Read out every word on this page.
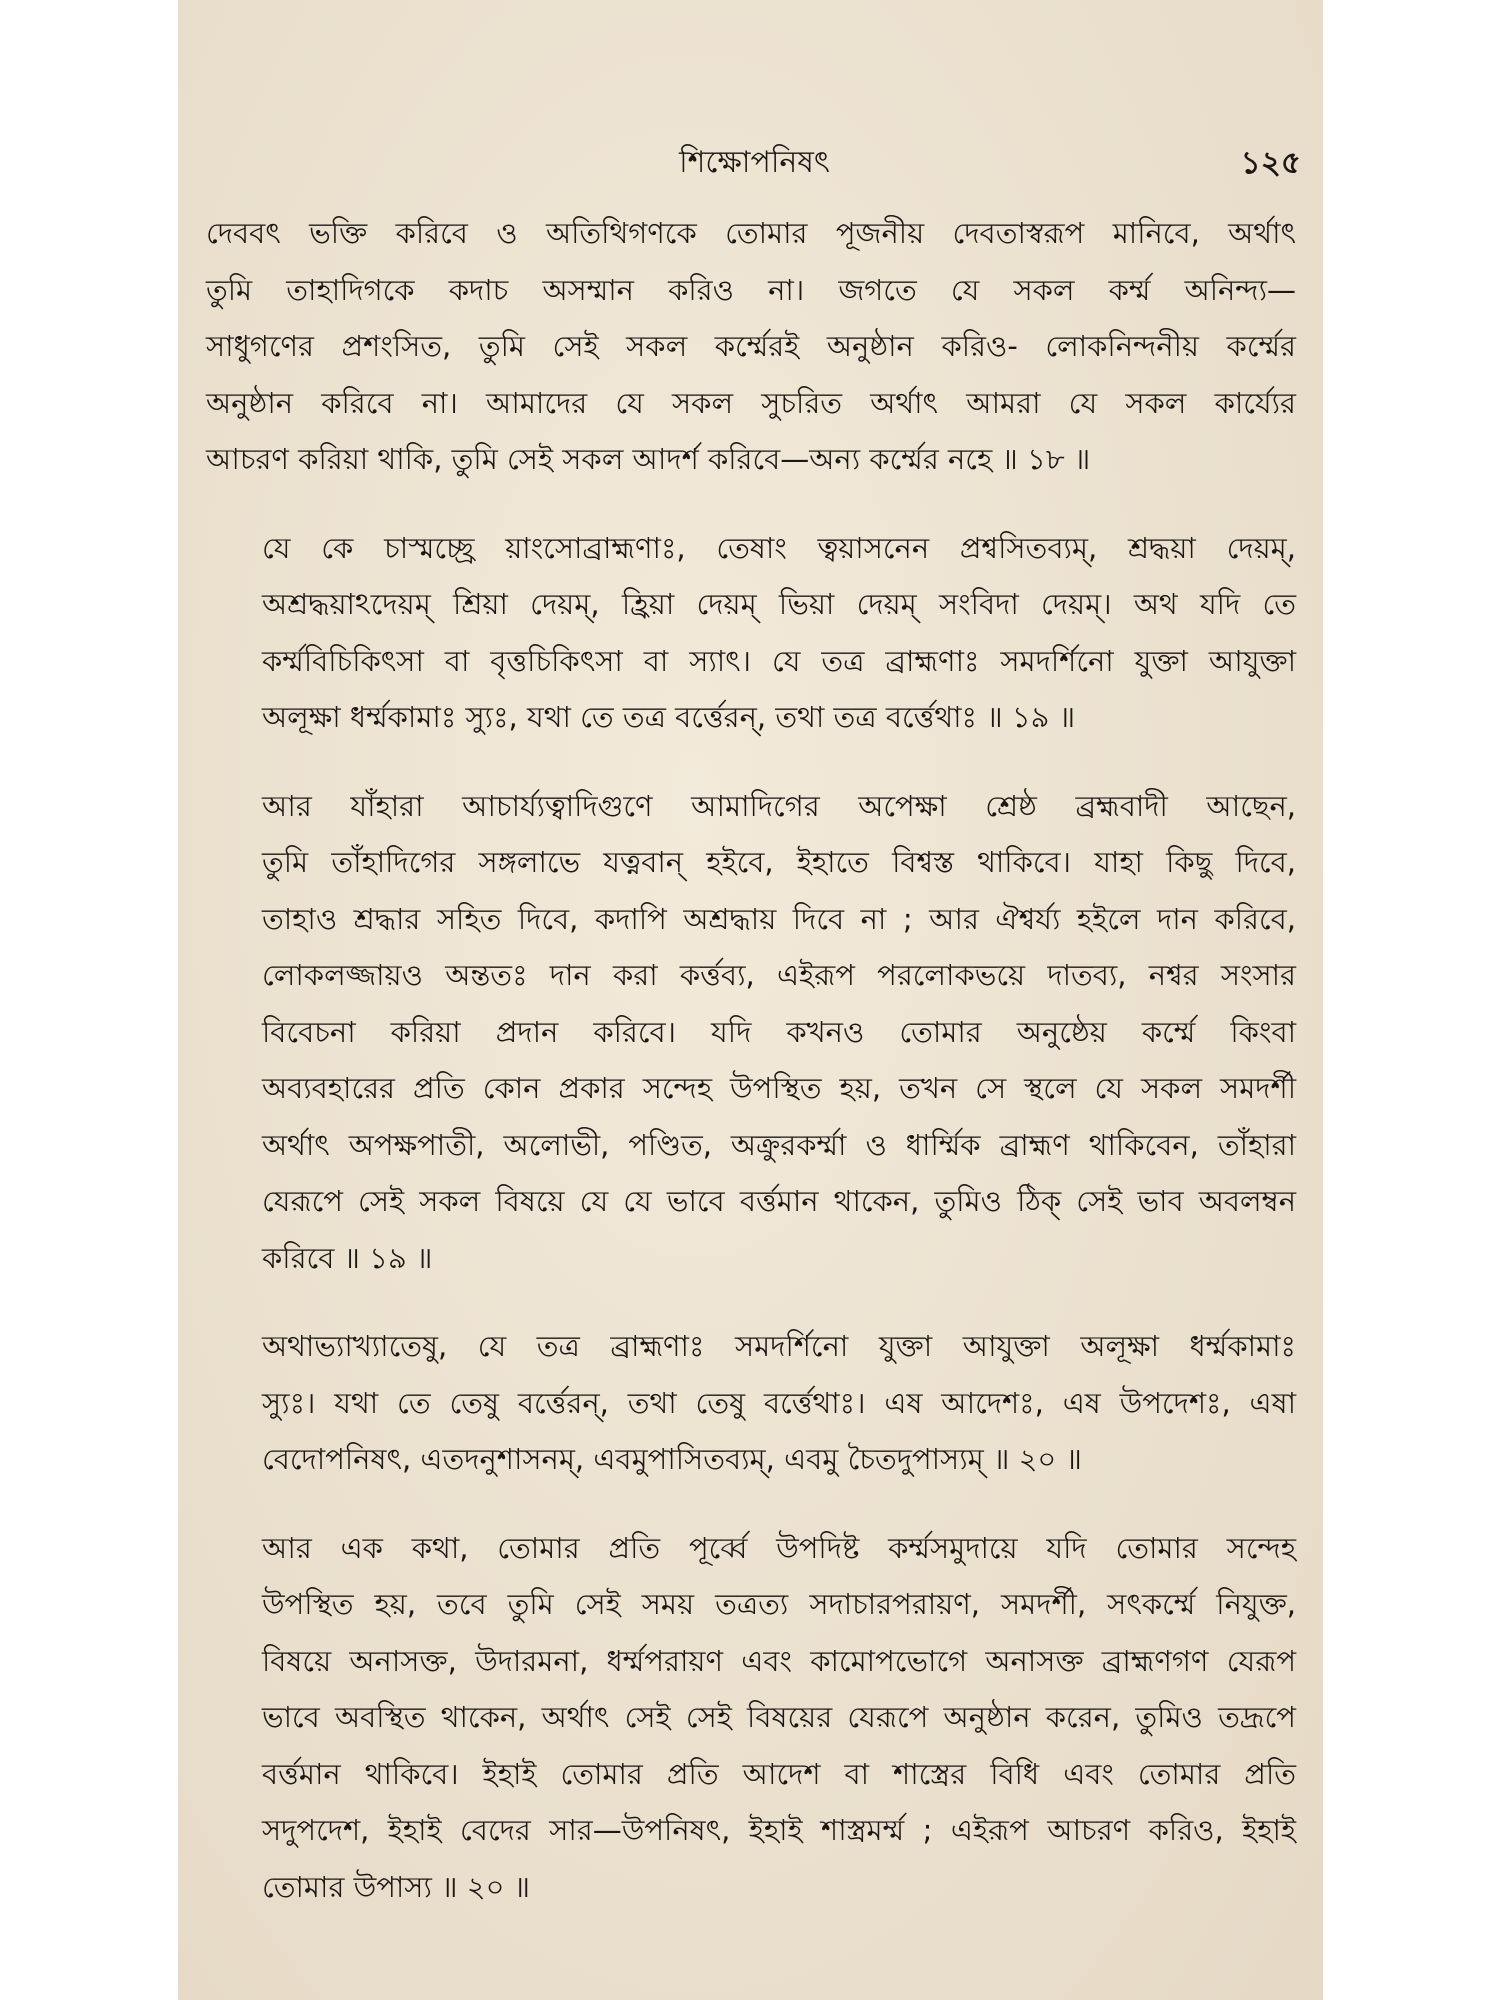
শিক্ষোপনিষৎ	১২৫

দেববৎ ভক্তি করিবে ও অতিথিগণকে তোমার পূজনীয় দেবতাস্বরূপ মানিবে, অর্থাৎ
তুমি তাহাদিগকে কদাচ অসম্মান করিও না। জগতে যে সকল কর্ম্ম অনিন্দ্য—
সাধুগণের প্রশংসিত, তুমি সেই সকল কর্ম্মেরই অনুষ্ঠান করিও- লোকনিন্দনীয় কর্ম্মের
অনুষ্ঠান করিবে না। আমাদের যে সকল সুচরিত অর্থাৎ আমরা যে সকল কার্য্যের
আচরণ করিয়া থাকি, তুমি সেই সকল আদর্শ করিবে—অন্য কর্ম্মের নহে ॥ ১৮ ॥

যে কে চাস্মচ্ছ্রে য়াংসোব্রাহ্মণাঃ, তেষাং ত্বয়াসনেন প্রশ্বসিতব্যম্, শ্রদ্ধয়া দেয়ম্,
অশ্রদ্ধয়াঽদেয়ম্ শ্রিয়া দেয়ম্, হ্রিয়া দেয়ম্ ভিয়া দেয়ম্ সংবিদা দেয়ম্। অথ যদি তে
কর্ম্মবিচিকিৎসা বা বৃত্তচিকিৎসা বা স্যাৎ। যে তত্র ব্রাহ্মণাঃ সমদর্শিনো যুক্তা আযুক্তা
অলূক্ষা ধর্ম্মকামাঃ স্যুঃ, যথা তে তত্র বর্ত্তেরন্, তথা তত্র বর্ত্তেথাঃ ॥ ১৯ ॥

আর যাঁহারা আচার্য্যত্বাদিগুণে আমাদিগের অপেক্ষা শ্রেষ্ঠ ব্রহ্মবাদী আছেন,
তুমি তাঁহাদিগের সঙ্গলাভে যত্নবান্ হইবে, ইহাতে বিশ্বস্ত থাকিবে। যাহা কিছু দিবে,
তাহাও শ্রদ্ধার সহিত দিবে, কদাপি অশ্রদ্ধায় দিবে না ; আর ঐশ্বর্য্য হইলে দান করিবে,
লোকলজ্জায়ও অন্ততঃ দান করা কর্ত্তব্য, এইরূপ পরলোকভয়ে দাতব্য, নশ্বর সংসার
বিবেচনা করিয়া প্রদান করিবে। যদি কখনও তোমার অনুষ্ঠেয় কর্ম্মে কিংবা
অব্যবহারের প্রতি কোন প্রকার সন্দেহ উপস্থিত হয়, তখন সে স্থলে যে সকল সমদর্শী
অর্থাৎ অপক্ষপাতী, অলোভী, পণ্ডিত, অক্রুরকর্ম্মা ও ধার্ম্মিক ব্রাহ্মণ থাকিবেন, তাঁহারা
যেরূপে সেই সকল বিষয়ে যে যে ভাবে বর্ত্তমান থাকেন, তুমিও ঠিক্ সেই ভাব অবলম্বন
করিবে ॥ ১৯ ॥

অথাভ্যাখ্যাতেষু, যে তত্র ব্রাহ্মণাঃ সমদর্শিনো যুক্তা আযুক্তা অলূক্ষা ধর্ম্মকামাঃ
স্যুঃ। যথা তে তেষু বর্ত্তেরন্, তথা তেষু বর্ত্তেথাঃ। এষ আদেশঃ, এষ উপদেশঃ, এষা
বেদোপনিষৎ, এতদনুশাসনম্, এবমুপাসিতব্যম্, এবমু চৈতদুপাস্যম্ ॥ ২০ ॥

আর এক কথা, তোমার প্রতি পূর্ব্বে উপদিষ্ট কর্ম্মসমুদায়ে যদি তোমার সন্দেহ
উপস্থিত হয়, তবে তুমি সেই সময় তত্রত্য সদাচারপরায়ণ, সমদর্শী, সৎকর্ম্মে নিযুক্ত,
বিষয়ে অনাসক্ত, উদারমনা, ধর্ম্মপরায়ণ এবং কামোপভোগে অনাসক্ত ব্রাহ্মণগণ যেরূপ
ভাবে অবস্থিত থাকেন, অর্থাৎ সেই সেই বিষয়ের যেরূপে অনুষ্ঠান করেন, তুমিও তদ্রূপে
বর্ত্তমান থাকিবে। ইহাই তোমার প্রতি আদেশ বা শাস্ত্রের বিধি এবং তোমার প্রতি
সদুপদেশ, ইহাই বেদের সার—উপনিষৎ, ইহাই শাস্ত্রমর্ম্ম ; এইরূপ আচরণ করিও, ইহাই
তোমার উপাস্য ॥ ২০ ॥
